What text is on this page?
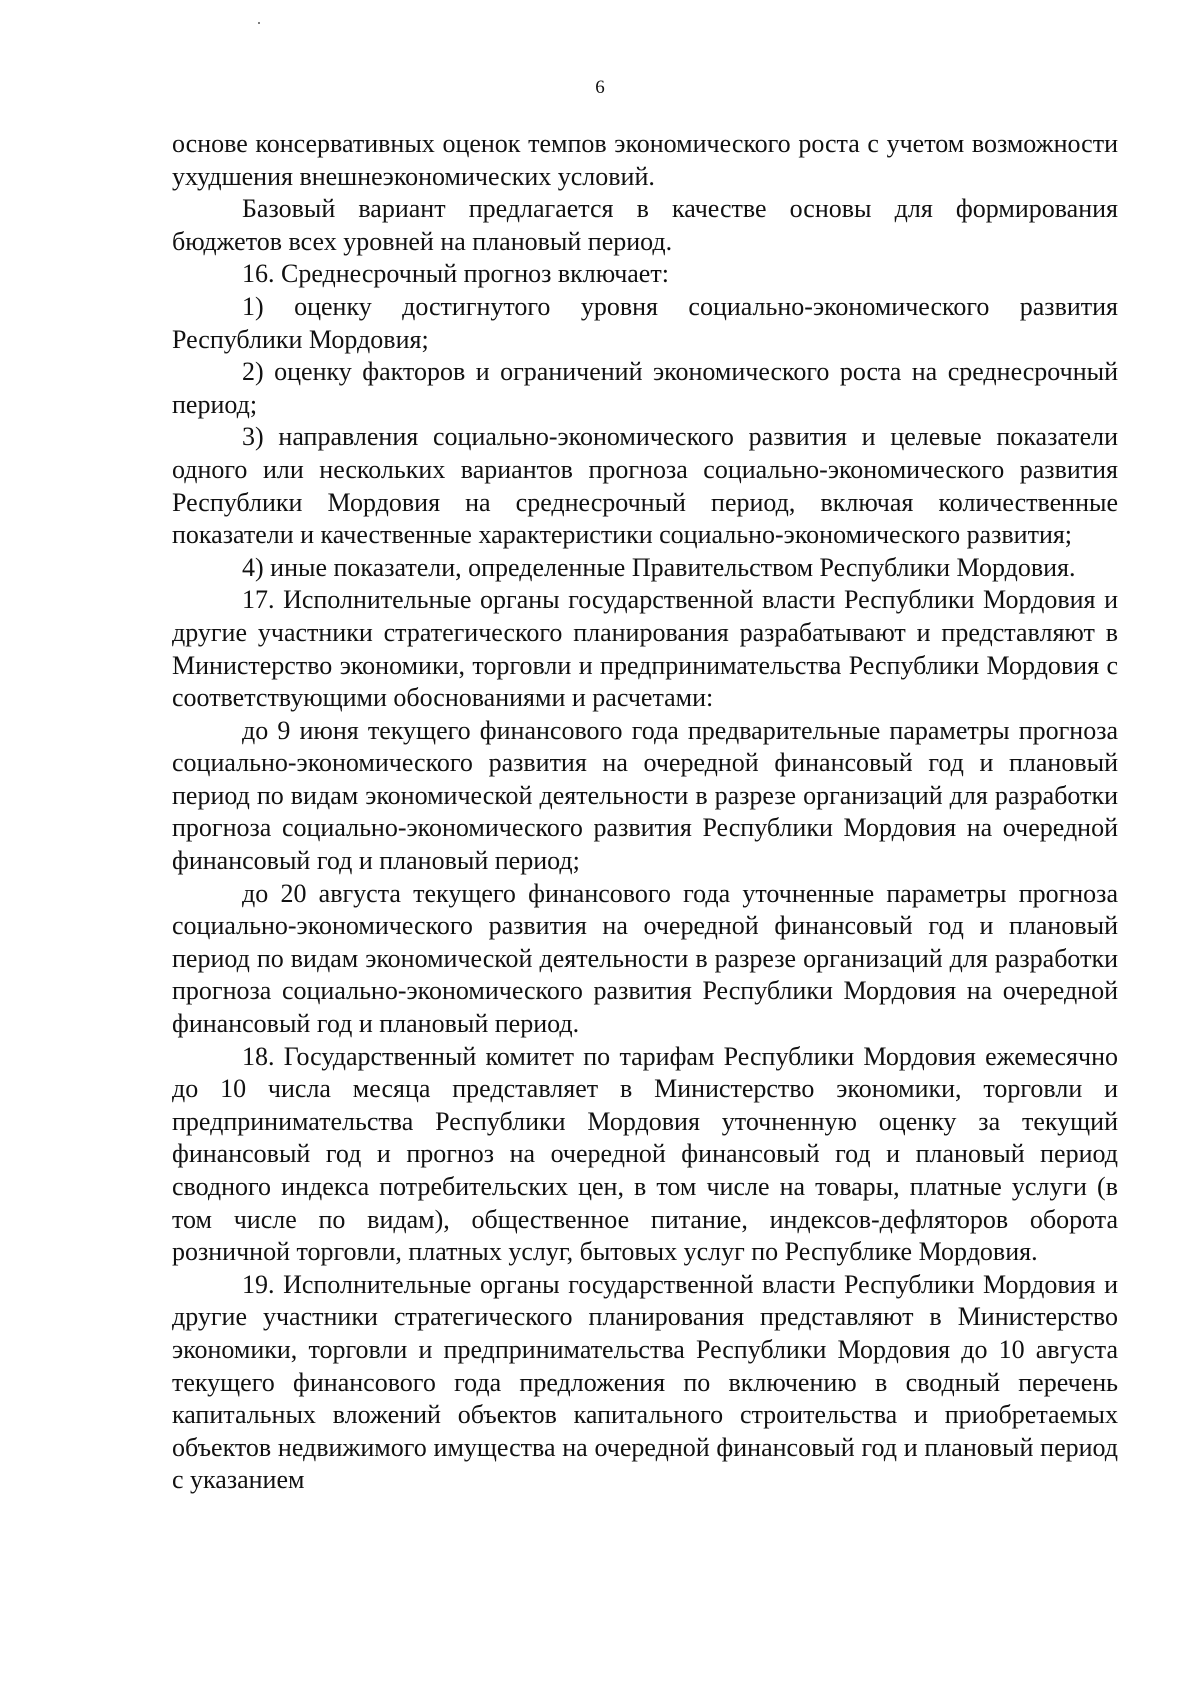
6

основе консервативных оценок темпов экономического роста с учетом возможности ухудшения внешнеэкономических условий.

Базовый вариант предлагается в качестве основы для формирования бюджетов всех уровней на плановый период.

16. Среднесрочный прогноз включает:

1) оценку достигнутого уровня социально-экономического развития Республики Мордовия;

2) оценку факторов и ограничений экономического роста на среднесрочный период;

3) направления социально-экономического развития и целевые показатели одного или нескольких вариантов прогноза социально-экономического развития Республики Мордовия на среднесрочный период, включая количественные показатели и качественные характеристики социально-экономического развития;

4) иные показатели, определенные Правительством Республики Мордовия.

17. Исполнительные органы государственной власти Республики Мордовия и другие участники стратегического планирования разрабатывают и представляют в Министерство экономики, торговли и предпринимательства Республики Мордовия с соответствующими обоснованиями и расчетами:

до 9 июня текущего финансового года предварительные параметры прогноза социально-экономического развития на очередной финансовый год и плановый период по видам экономической деятельности в разрезе организаций для разработки прогноза социально-экономического развития Республики Мордовия на очередной финансовый год и плановый период;

до 20 августа текущего финансового года уточненные параметры прогноза социально-экономического развития на очередной финансовый год и плановый период по видам экономической деятельности в разрезе организаций для разработки прогноза социально-экономического развития Республики Мордовия на очередной финансовый год и плановый период.

18. Государственный комитет по тарифам Республики Мордовия ежемесячно до 10 числа месяца представляет в Министерство экономики, торговли и предпринимательства Республики Мордовия уточненную оценку за текущий финансовый год и прогноз на очередной финансовый год и плановый период сводного индекса потребительских цен, в том числе на товары, платные услуги (в том числе по видам), общественное питание, индексов-дефляторов оборота розничной торговли, платных услуг, бытовых услуг по Республике Мордовия.

19. Исполнительные органы государственной власти Республики Мордовия и другие участники стратегического планирования представляют в Министерство экономики, торговли и предпринимательства Республики Мордовия до 10 августа текущего финансового года предложения по включению в сводный перечень капитальных вложений объектов капитального строительства и приобретаемых объектов недвижимого имущества на очередной финансовый год и плановый период с указанием
